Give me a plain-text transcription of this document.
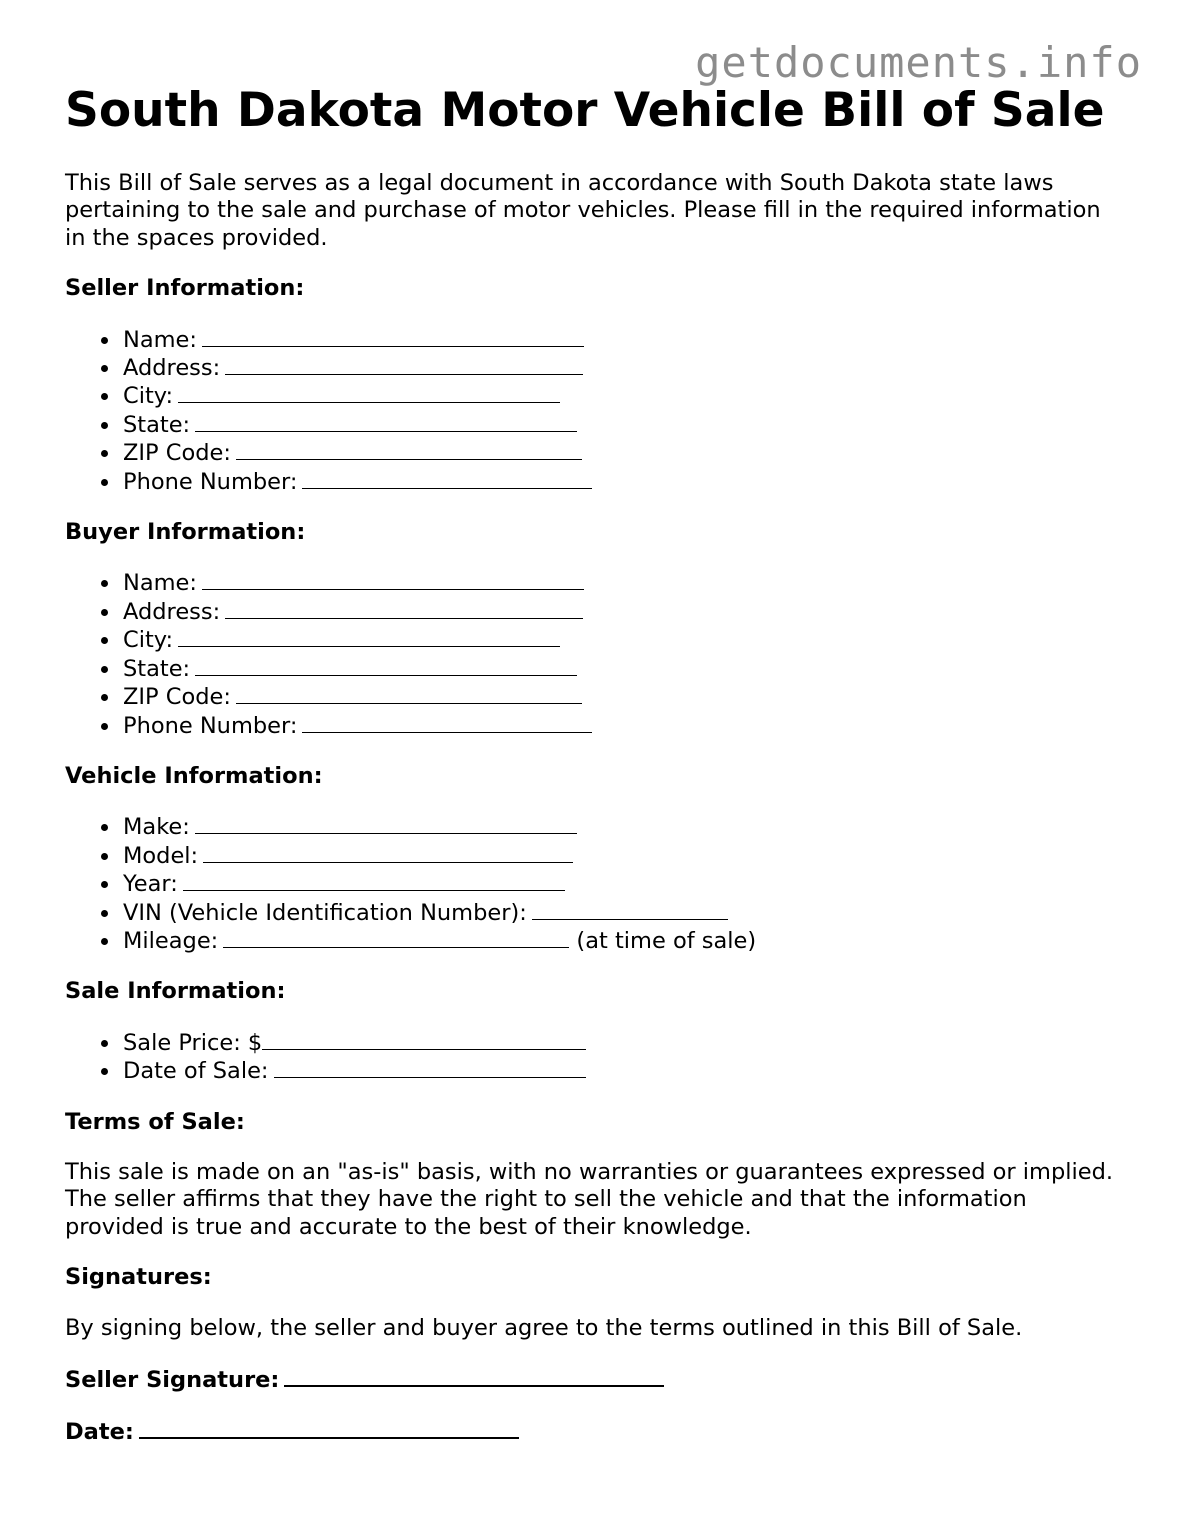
getdocuments.info
South Dakota Motor Vehicle Bill of Sale

This Bill of Sale serves as a legal document in accordance with South Dakota state laws pertaining to the sale and purchase of motor vehicles. Please fill in the required information in the spaces provided.

Seller Information:
Name:
Address:
City:
State:
ZIP Code:
Phone Number:
Buyer Information:
Name:
Address:
City:
State:
ZIP Code:
Phone Number:
Vehicle Information:
Make:
Model:
Year:
VIN (Vehicle Identification Number):
Mileage:	(at time of sale)
Sale Information:
Sale Price: $
Date of Sale:
Terms of Sale:

This sale is made on an "as-is" basis, with no warranties or guarantees expressed or implied. The seller affirms that they have the right to sell the vehicle and that the information provided is true and accurate to the best of their knowledge.

Signatures:

By signing below, the seller and buyer agree to the terms outlined in this Bill of Sale.

Seller Signature:
Date:
